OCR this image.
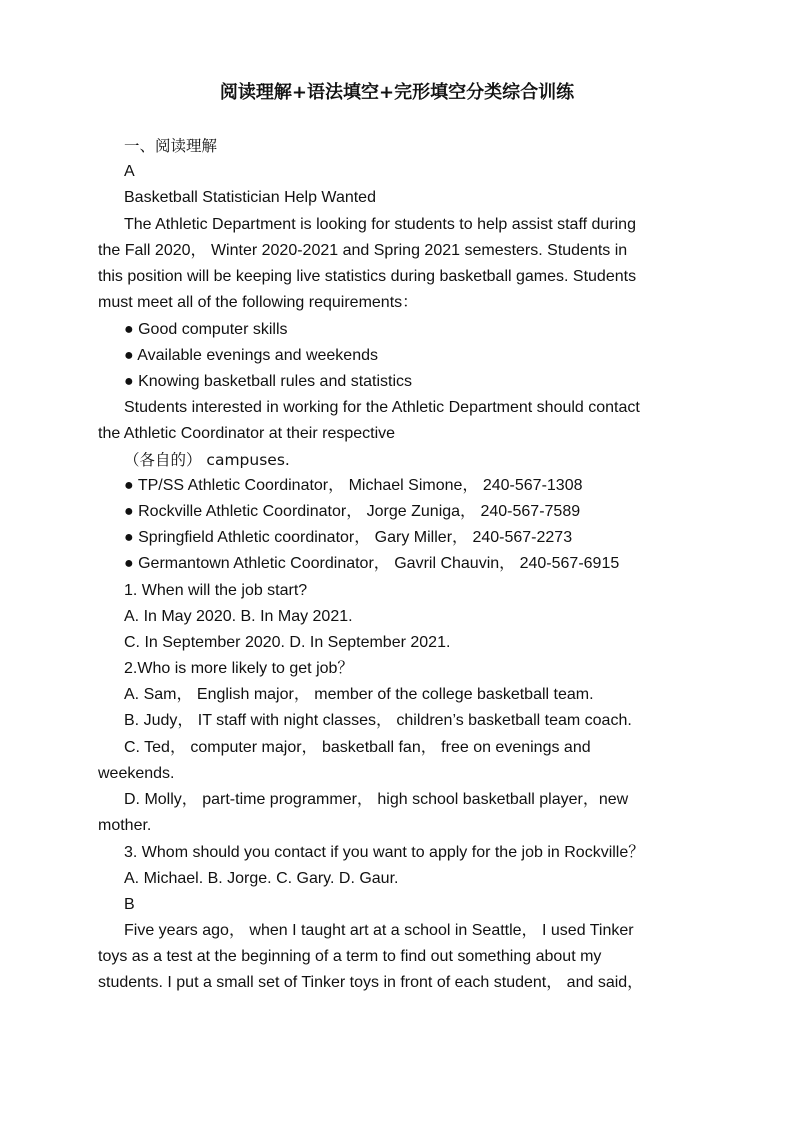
阅读理解+语法填空+完形填空分类综合训练
一、阅读理解
A
Basketball Statistician Help Wanted
The Athletic Department is looking for students to help assist staff during
the Fall 2020， Winter 2020-2021 and Spring 2021 semesters. Students in
this position will be keeping live statistics during basketball games. Students
must meet all of the following requirements：
● Good computer skills
● Available evenings and weekends
● Knowing basketball rules and statistics
Students interested in working for the Athletic Department should contact
the Athletic Coordinator at their respective
（各自的） campuses.
● TP/SS Athletic Coordinator， Michael Simone， 240-567-1308
● Rockville Athletic Coordinator， Jorge Zuniga， 240-567-7589
● Springfield Athletic coordinator， Gary Miller， 240-567-2273
● Germantown Athletic Coordinator， Gavril Chauvin， 240-567-6915
1. When will the job start?
A. In May 2020. B. In May 2021.
C. In September 2020. D. In September 2021.
2.Who is more likely to get job？
A. Sam， English major， member of the college basketball team.
B. Judy， IT staff with night classes， children’s basketball team coach.
C. Ted， computer major， basketball fan， free on evenings and
weekends.
D. Molly， part-time programmer， high school basketball player，new
mother.
3. Whom should you contact if you want to apply for the job in Rockville？
A. Michael. B. Jorge. C. Gary. D. Gaur.
B
Five years ago， when I taught art at a school in Seattle， I used Tinker
toys as a test at the beginning of a term to find out something about my
students. I put a small set of Tinker toys in front of each student， and said，
